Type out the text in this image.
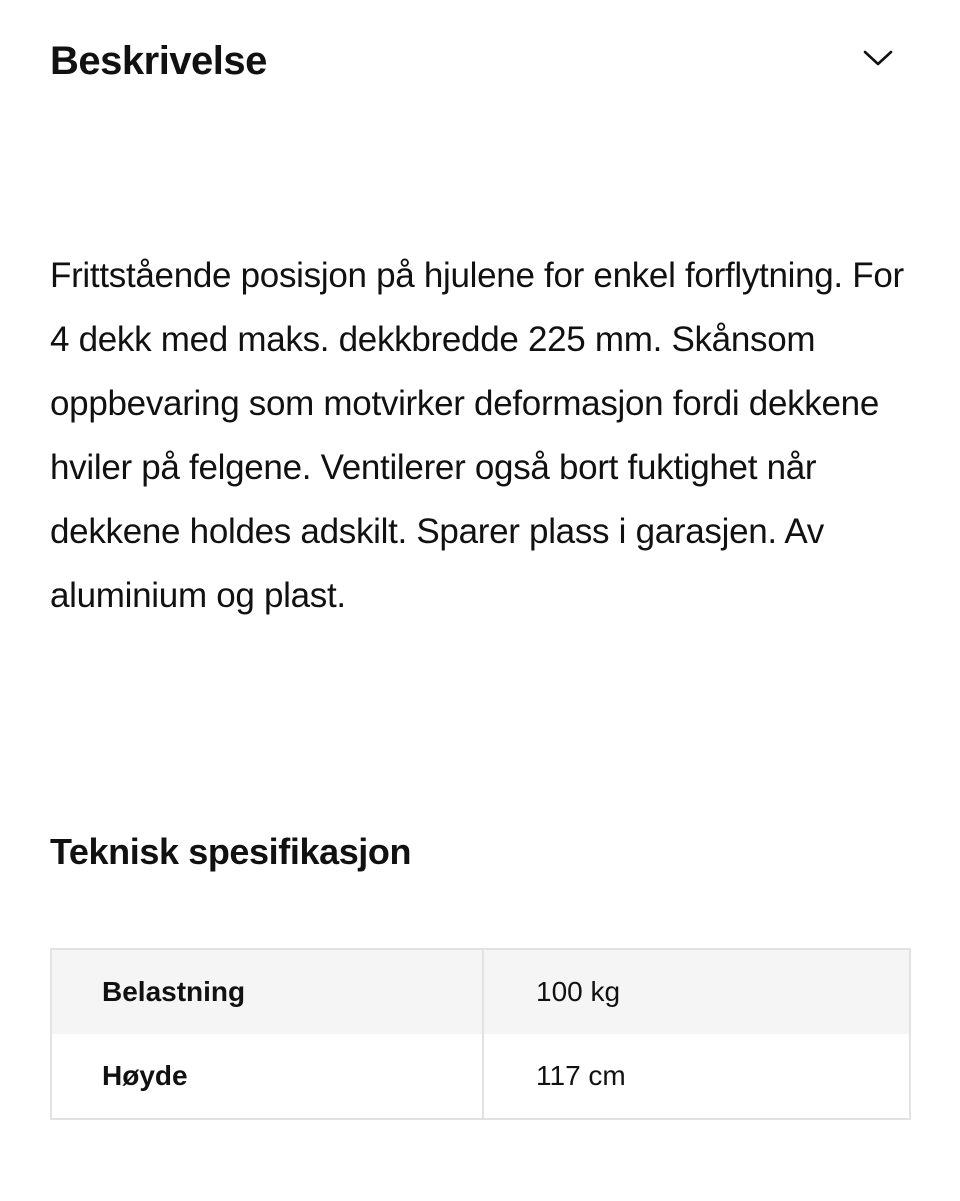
Beskrivelse

Frittstående posisjon på hjulene for enkel forflytning. For 4 dekk med maks. dekkbredde 225 mm. Skånsom oppbevaring som motvirker deformasjon fordi dekkene hviler på felgene. Ventilerer også bort fuktighet når dekkene holdes adskilt. Sparer plass i garasjen. Av aluminium og plast.

Teknisk spesifikasjon
Belastning	100 kg
Høyde	117 cm
